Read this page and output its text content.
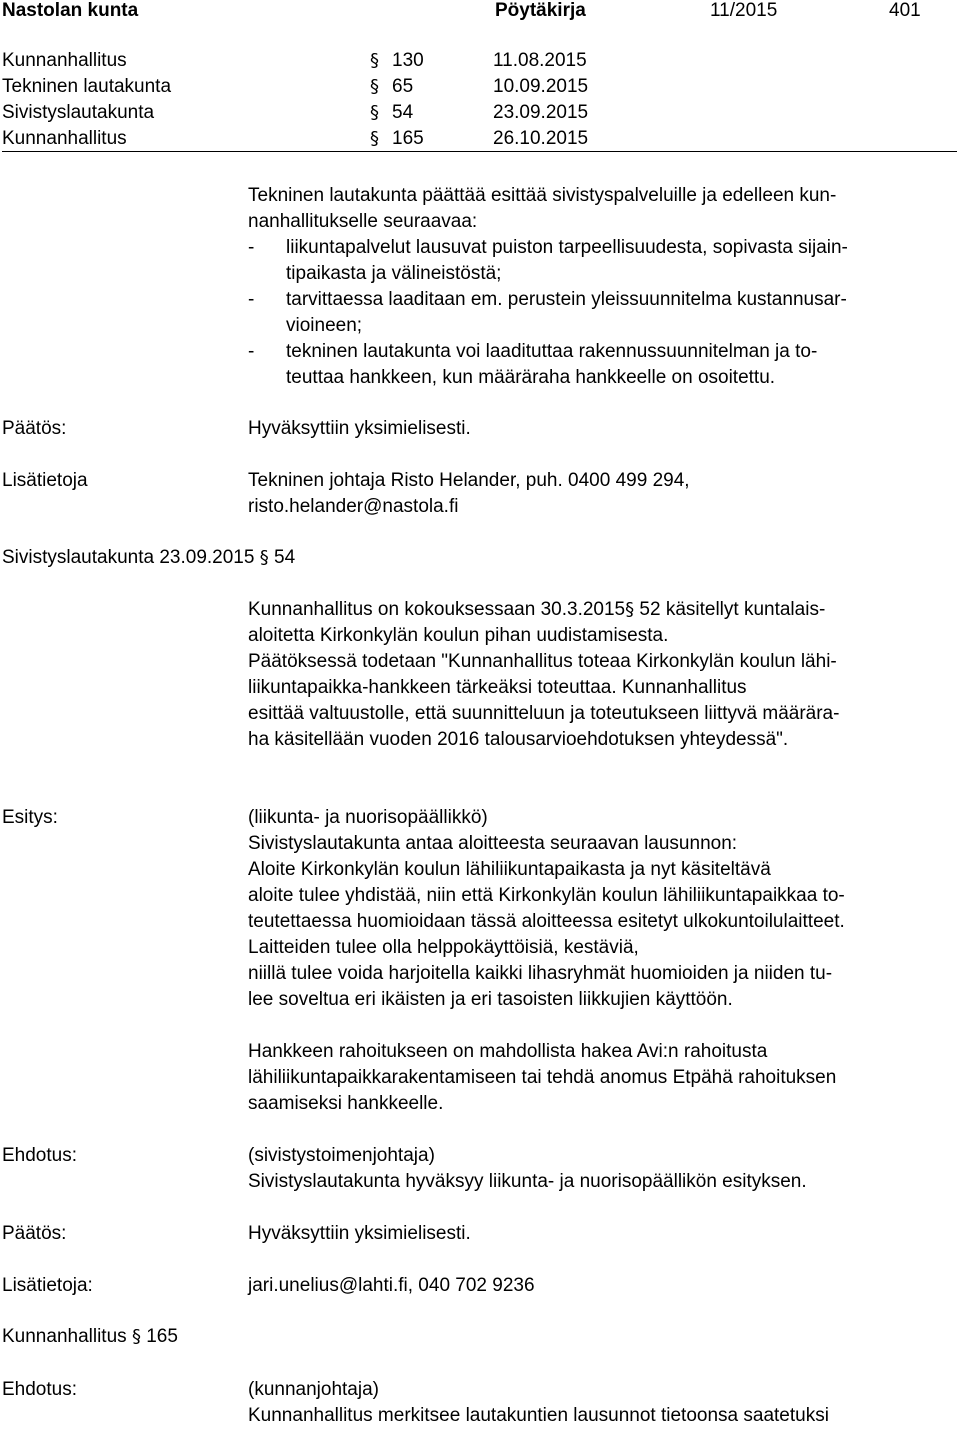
Nastolan kunta	Pöytäkirja	11/2015	401
Kunnanhallitus	§ 130	11.08.2015
Tekninen lautakunta	§ 65	10.09.2015
Sivistyslautakunta	§ 54	23.09.2015
Kunnanhallitus	§ 165	26.10.2015
Tekninen lautakunta päättää esittää sivistyspalveluille ja edelleen kun-
nanhallitukselle seuraavaa:
- liikuntapalvelut lausuvat puiston tarpeellisuudesta, sopivasta sijain-
tipaikasta ja välineistöstä;
- tarvittaessa laaditaan em. perustein yleissuunnitelma kustannusar-
vioineen;
- tekninen lautakunta voi laadituttaa rakennussuunnitelman ja to-
teuttaa hankkeen, kun määräraha hankkeelle on osoitettu.
Päätös:	Hyväksyttiin yksimielisesti.
Lisätietoja	Tekninen johtaja Risto Helander, puh. 0400 499 294,
risto.helander@nastola.fi
Sivistyslautakunta 23.09.2015 § 54
Kunnanhallitus on kokouksessaan 30.3.2015§ 52 käsitellyt kuntalais-
aloitetta Kirkonkylän koulun pihan uudistamisesta.
Päätöksessä todetaan "Kunnanhallitus toteaa Kirkonkylän koulun lähi-
liikuntapaikka-hankkeen tärkeäksi toteuttaa. Kunnanhallitus
esittää valtuustolle, että suunnitteluun ja toteutukseen liittyvä määrära-
ha käsitellään vuoden 2016 talousarvioehdotuksen yhteydessä".
Esitys:	(liikunta- ja nuorisopäällikkö)
Sivistyslautakunta antaa aloitteesta seuraavan lausunnon:
Aloite Kirkonkylän koulun lähiliikuntapaikasta ja nyt käsiteltävä
aloite tulee yhdistää, niin että Kirkonkylän koulun lähiliikuntapaikkaa to-
teutettaessa huomioidaan tässä aloitteessa esitetyt ulkokuntoilulaitteet.
Laitteiden tulee olla helppokäyttöisiä, kestäviä,
niillä tulee voida harjoitella kaikki lihasryhmät huomioiden ja niiden tu-
lee soveltua eri ikäisten ja eri tasoisten liikkujien käyttöön.
Hankkeen rahoitukseen on mahdollista hakea Avi:n rahoitusta
lähiliikuntapaikkarakentamiseen tai tehdä anomus Etpähä rahoituksen
saamiseksi hankkeelle.
Ehdotus:	(sivistystoimenjohtaja)
Sivistyslautakunta hyväksyy liikunta- ja nuorisopäällikön esityksen.
Päätös:	Hyväksyttiin yksimielisesti.
Lisätietoja:	jari.unelius@lahti.fi, 040 702 9236
Kunnanhallitus § 165
Ehdotus:	(kunnanjohtaja)
Kunnanhallitus merkitsee lautakuntien lausunnot tietoonsa saatetuksi
